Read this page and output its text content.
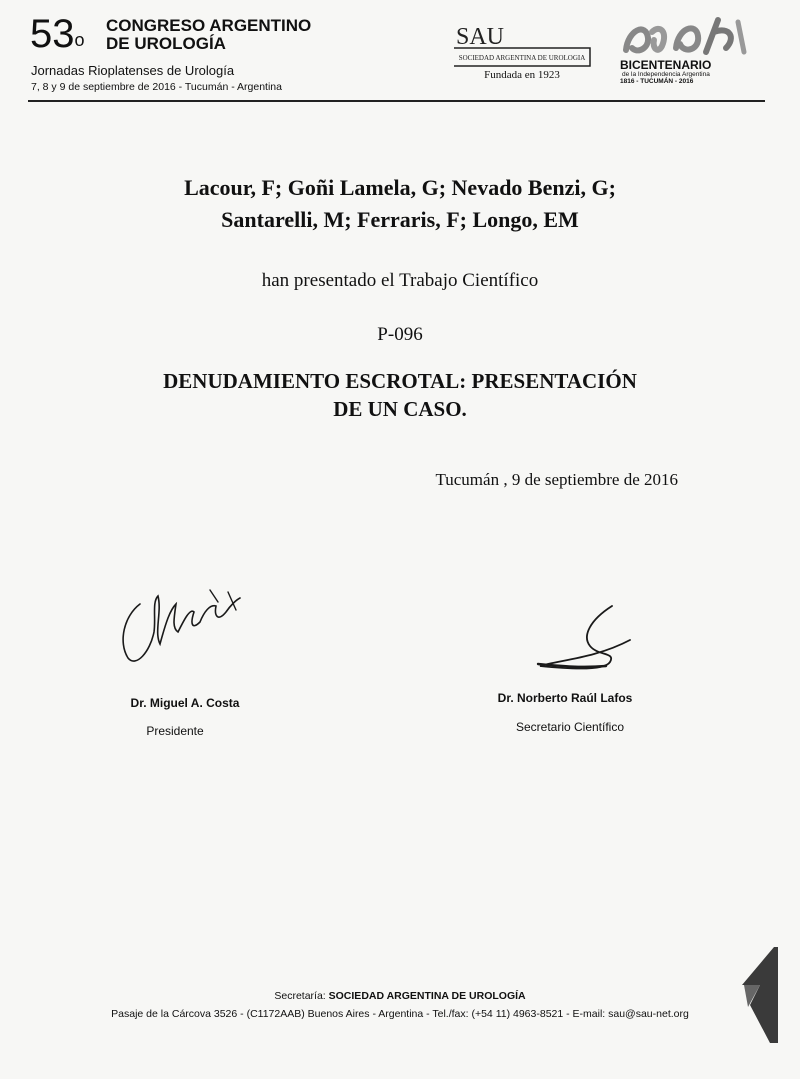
53$^o$
CONGRESO ARGENTINO
DE UROLOGÍA
Jornadas Rioplatenses de Urología
7, 8 y 9 de septiembre de 2016 - Tucumán - Argentina
SAU
SOCIEDAD ARGENTINA DE UROLOGIA
Fundada en 1923
BICENTENARIO
de la Independencia Argentina
1816 - TUCUMÁN - 2016
Lacour, F; Goñi Lamela, G; Nevado Benzi, G;
Santarelli, M; Ferraris, F; Longo, EM
han presentado el Trabajo Científico
P-096
DENUDAMIENTO ESCROTAL: PRESENTACIÓN
DE UN CASO.
Tucumán , 9 de septiembre de 2016
Dr. Miguel A. Costa
Presidente
Dr. Norberto Raúl Lafos
Secretario Científico
Secretaría: SOCIEDAD ARGENTINA DE UROLOGÍA
Pasaje de la Cárcova 3526 - (C1172AAB) Buenos Aires - Argentina - Tel./fax: (+54 11) 4963-8521 - E-mail: sau@sau-net.org
